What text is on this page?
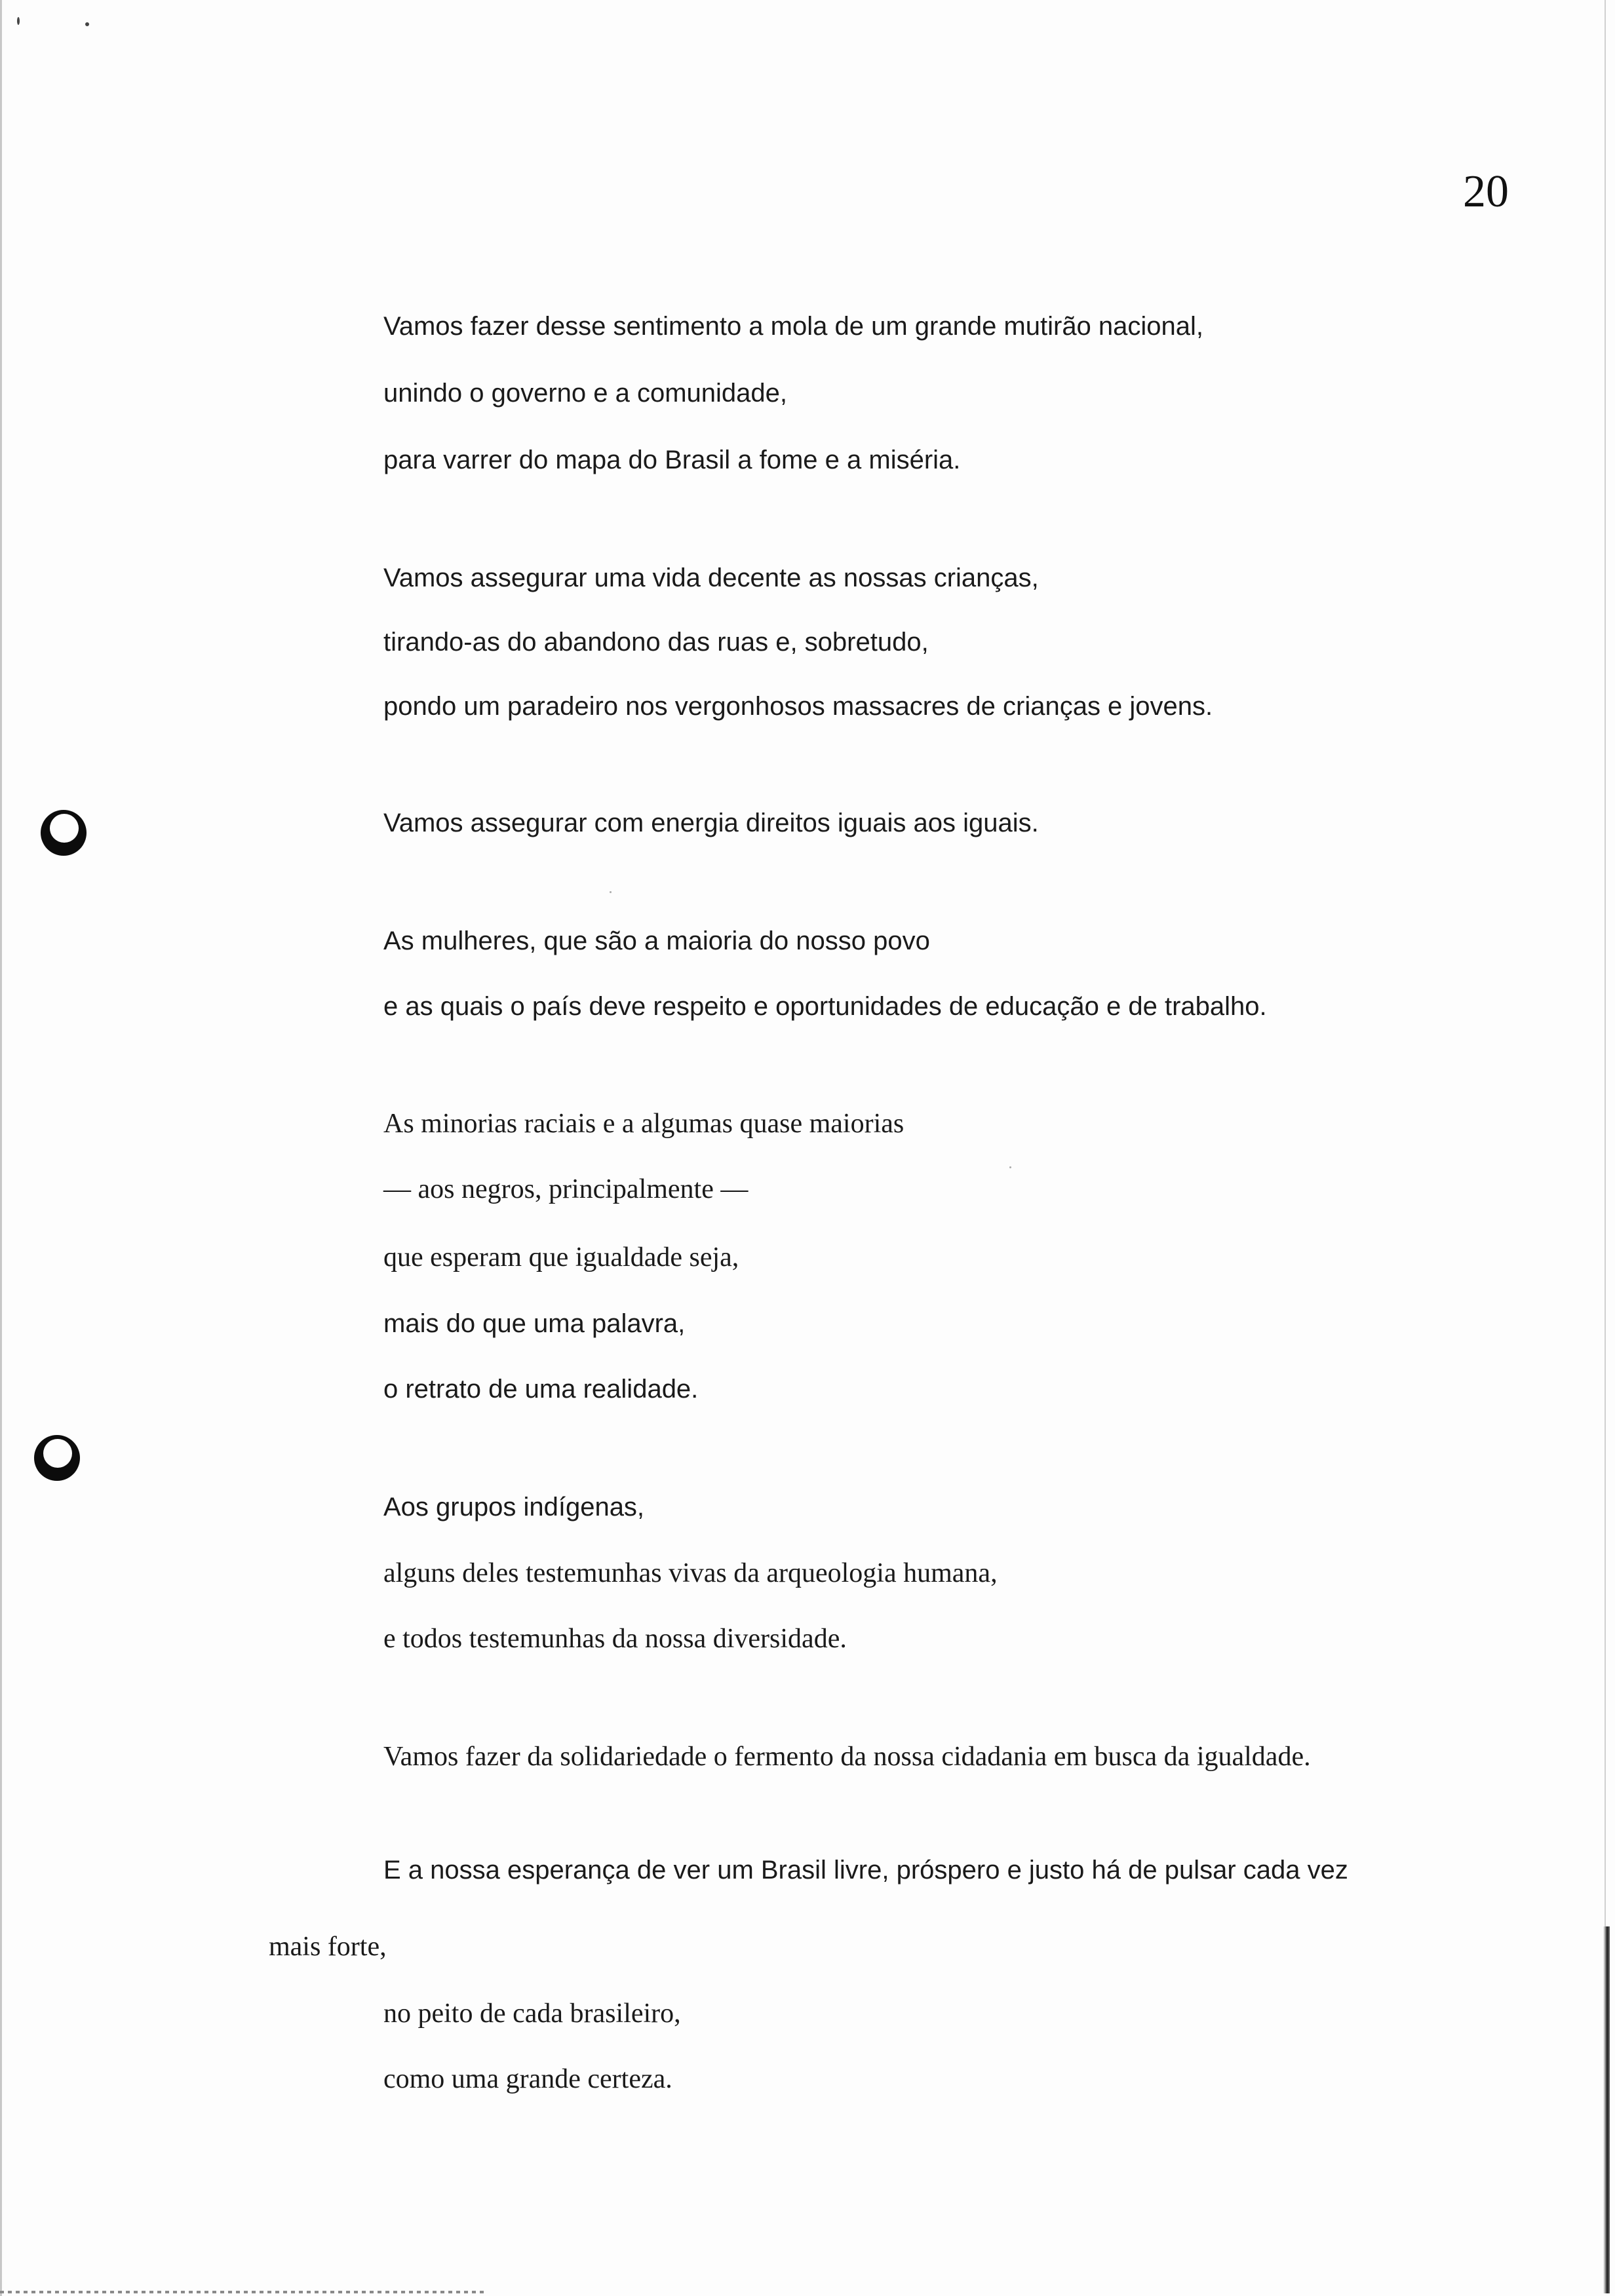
20
Vamos fazer desse sentimento a mola de um grande mutirão nacional,
unindo o governo e a comunidade,
para varrer do mapa do Brasil a fome e a miséria.
Vamos assegurar uma vida decente as nossas crianças,
tirando-as do abandono das ruas e, sobretudo,
pondo um paradeiro nos vergonhosos massacres de crianças e jovens.
Vamos assegurar com energia direitos iguais aos iguais.
As mulheres, que são a maioria do nosso povo
e as quais o país deve respeito e oportunidades de educação e de trabalho.
As minorias raciais e a algumas quase maiorias
— aos negros, principalmente —
que esperam que igualdade seja,
mais do que uma palavra,
o retrato de uma realidade.
Aos grupos indígenas,
alguns deles testemunhas vivas da arqueologia humana,
e todos testemunhas da nossa diversidade.
Vamos fazer da solidariedade o fermento da nossa cidadania em busca da igualdade.
E a nossa esperança de ver um Brasil livre, próspero e justo há de pulsar cada vez
mais forte,
no peito de cada brasileiro,
como uma grande certeza.
